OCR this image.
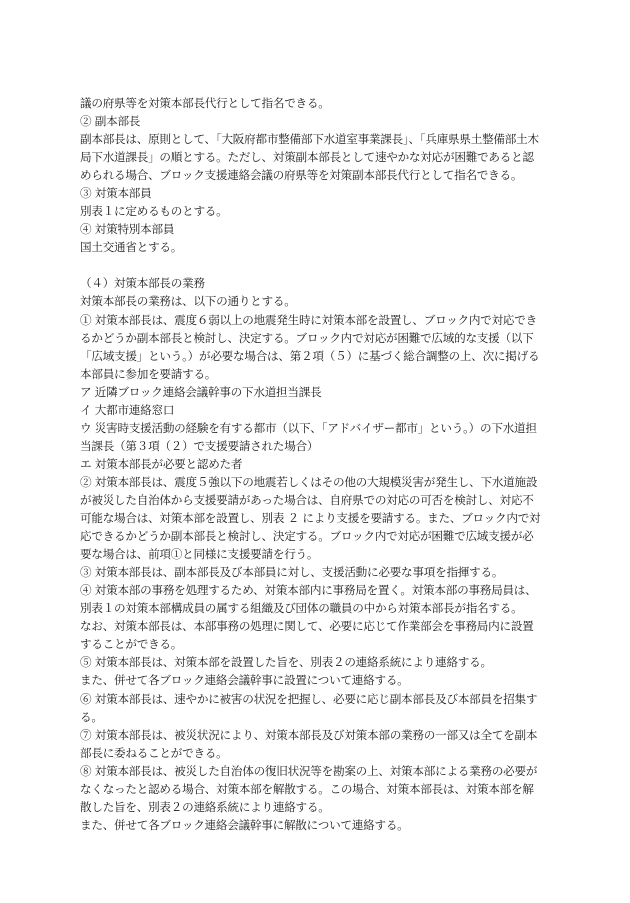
議の府県等を対策本部長代行として指名できる。
② 副本部長
副本部長は、原則として、「大阪府都市整備部下水道室事業課長」、「兵庫県県土整備部土木
局下水道課長」の順とする。ただし、対策副本部長として速やかな対応が困難であると認
められる場合、ブロック支援連絡会議の府県等を対策副本部長代行として指名できる。
③ 対策本部員
別表１に定めるものとする。
④ 対策特別本部員
国土交通省とする。
（４）対策本部長の業務
対策本部長の業務は、以下の通りとする。
① 対策本部長は、震度６弱以上の地震発生時に対策本部を設置し、ブロック内で対応でき
るかどうか副本部長と検討し、決定する。ブロック内で対応が困難で広域的な支援（以下
「広域支援」という。）が必要な場合は、第２項（５）に基づく総合調整の上、次に掲げる
本部員に参加を要請する。
ア 近隣ブロック連絡会議幹事の下水道担当課長
イ 大都市連絡窓口
ウ 災害時支援活動の経験を有する都市（以下、「アドバイザー都市」という。）の下水道担
当課長（第３項（２）で支援要請された場合）
エ 対策本部長が必要と認めた者
② 対策本部長は、震度５強以下の地震若しくはその他の大規模災害が発生し、下水道施設
が被災した自治体から支援要請があった場合は、自府県での対応の可否を検討し、対応不
可能な場合は、対策本部を設置し、別表 ２ により支援を要請する。また、ブロック内で対
応できるかどうか副本部長と検討し、決定する。ブロック内で対応が困難で広域支援が必
要な場合は、前項①と同様に支援要請を行う。
③ 対策本部長は、副本部長及び本部員に対し、支援活動に必要な事項を指揮する。
④ 対策本部の事務を処理するため、対策本部内に事務局を置く。対策本部の事務局員は、
別表１の対策本部構成員の属する組織及び団体の職員の中から対策本部長が指名する。
なお、対策本部長は、本部事務の処理に関して、必要に応じて作業部会を事務局内に設置
することができる。
⑤ 対策本部長は、対策本部を設置した旨を、別表２の連絡系統により連絡する。
また、併せて各ブロック連絡会議幹事に設置について連絡する。
⑥ 対策本部長は、速やかに被害の状況を把握し、必要に応じ副本部長及び本部員を招集す
る。
⑦ 対策本部長は、被災状況により、対策本部長及び対策本部の業務の一部又は全てを副本
部長に委ねることができる。
⑧ 対策本部長は、被災した自治体の復旧状況等を勘案の上、対策本部による業務の必要が
なくなったと認める場合、対策本部を解散する。この場合、対策本部長は、対策本部を解
散した旨を、別表２の連絡系統により連絡する。
また、併せて各ブロック連絡会議幹事に解散について連絡する。
